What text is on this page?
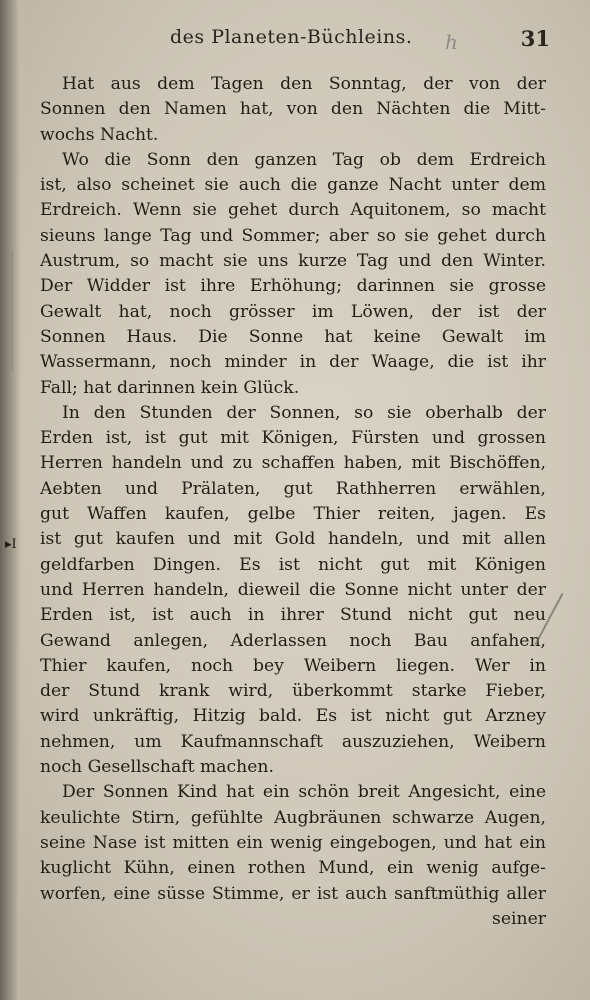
des Planeten-Büchleins.	h	31
▸I
Hat aus dem Tagen den Sonntag, der von der
Sonnen den Namen hat, von den Nächten die Mitt-
wochs Nacht.
Wo die Sonn den ganzen Tag ob dem Erdreich
ist, also scheinet sie auch die ganze Nacht unter dem
Erdreich. Wenn sie gehet durch Aquitonem, so macht
sieuns lange Tag und Sommer; aber so sie gehet durch
Austrum, so macht sie uns kurze Tag und den Winter.
Der Widder ist ihre Erhöhung; darinnen sie grosse
Gewalt hat, noch grösser im Löwen, der ist der
Sonnen Haus. Die Sonne hat keine Gewalt im
Wassermann, noch minder in der Waage, die ist ihr
Fall; hat darinnen kein Glück.
In den Stunden der Sonnen, so sie oberhalb der
Erden ist, ist gut mit Königen, Fürsten und grossen
Herren handeln und zu schaffen haben, mit Bischöffen,
Aebten und Prälaten, gut Rathherren erwählen,
gut Waffen kaufen, gelbe Thier reiten, jagen. Es
ist gut kaufen und mit Gold handeln, und mit allen
geldfarben Dingen. Es ist nicht gut mit Königen
und Herren handeln, dieweil die Sonne nicht unter der
Erden ist, ist auch in ihrer Stund nicht gut neu
Gewand anlegen, Aderlassen noch Bau anfahen,
Thier kaufen, noch bey Weibern liegen. Wer in
der Stund krank wird, überkommt starke Fieber,
wird unkräftig, Hitzig bald. Es ist nicht gut Arzney
nehmen, um Kaufmannschaft auszuziehen, Weibern
noch Gesellschaft machen.
Der Sonnen Kind hat ein schön breit Angesicht, eine
keulichte Stirn, gefühlte Augbräunen schwarze Augen,
seine Nase ist mitten ein wenig eingebogen, und hat ein
kuglicht Kühn, einen rothen Mund, ein wenig aufge-
worfen, eine süsse Stimme, er ist auch sanftmüthig aller
seiner
